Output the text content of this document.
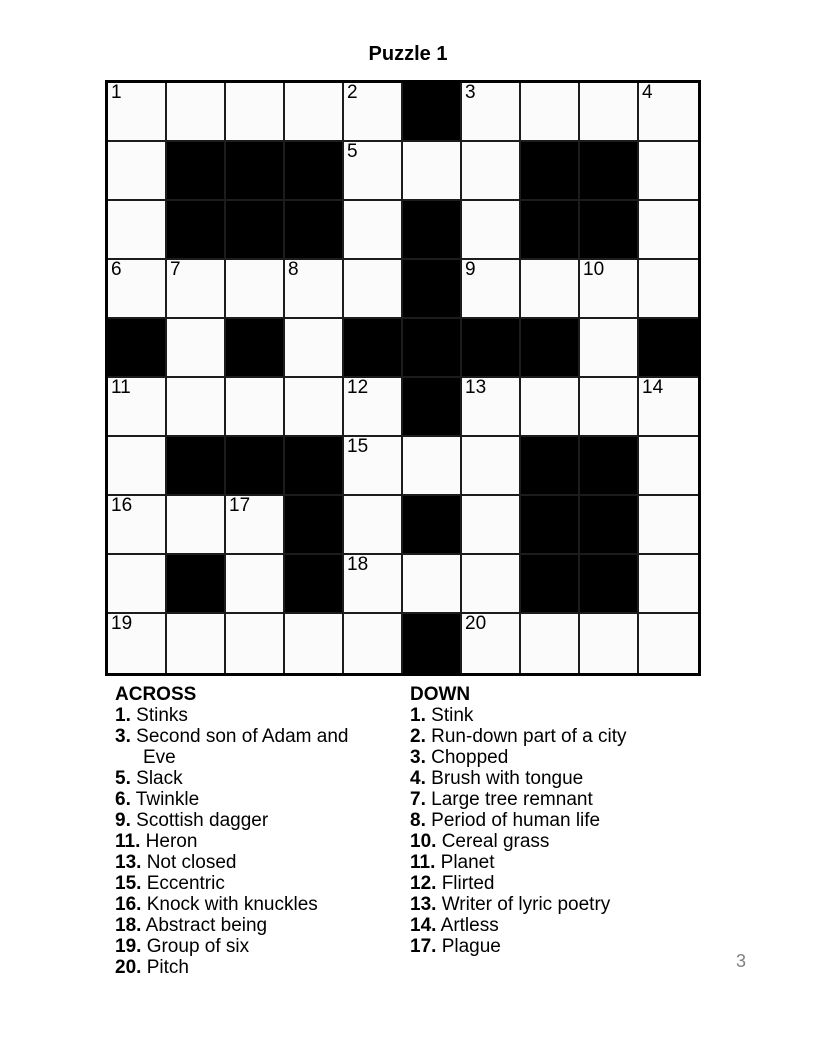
Puzzle 1
1	2	3	4
5
6	7	8	9	10
11	12	13	14
15
16	17
18
19	20
ACROSS
1. Stinks
3. Second son of Adam and Eve
5. Slack
6. Twinkle
9. Scottish dagger
11. Heron
13. Not closed
15. Eccentric
16. Knock with knuckles
18. Abstract being
19. Group of six
20. Pitch
DOWN
1. Stink
2. Run-down part of a city
3. Chopped
4. Brush with tongue
7. Large tree remnant
8. Period of human life
10. Cereal grass
11. Planet
12. Flirted
13. Writer of lyric poetry
14. Artless
17. Plague
3
